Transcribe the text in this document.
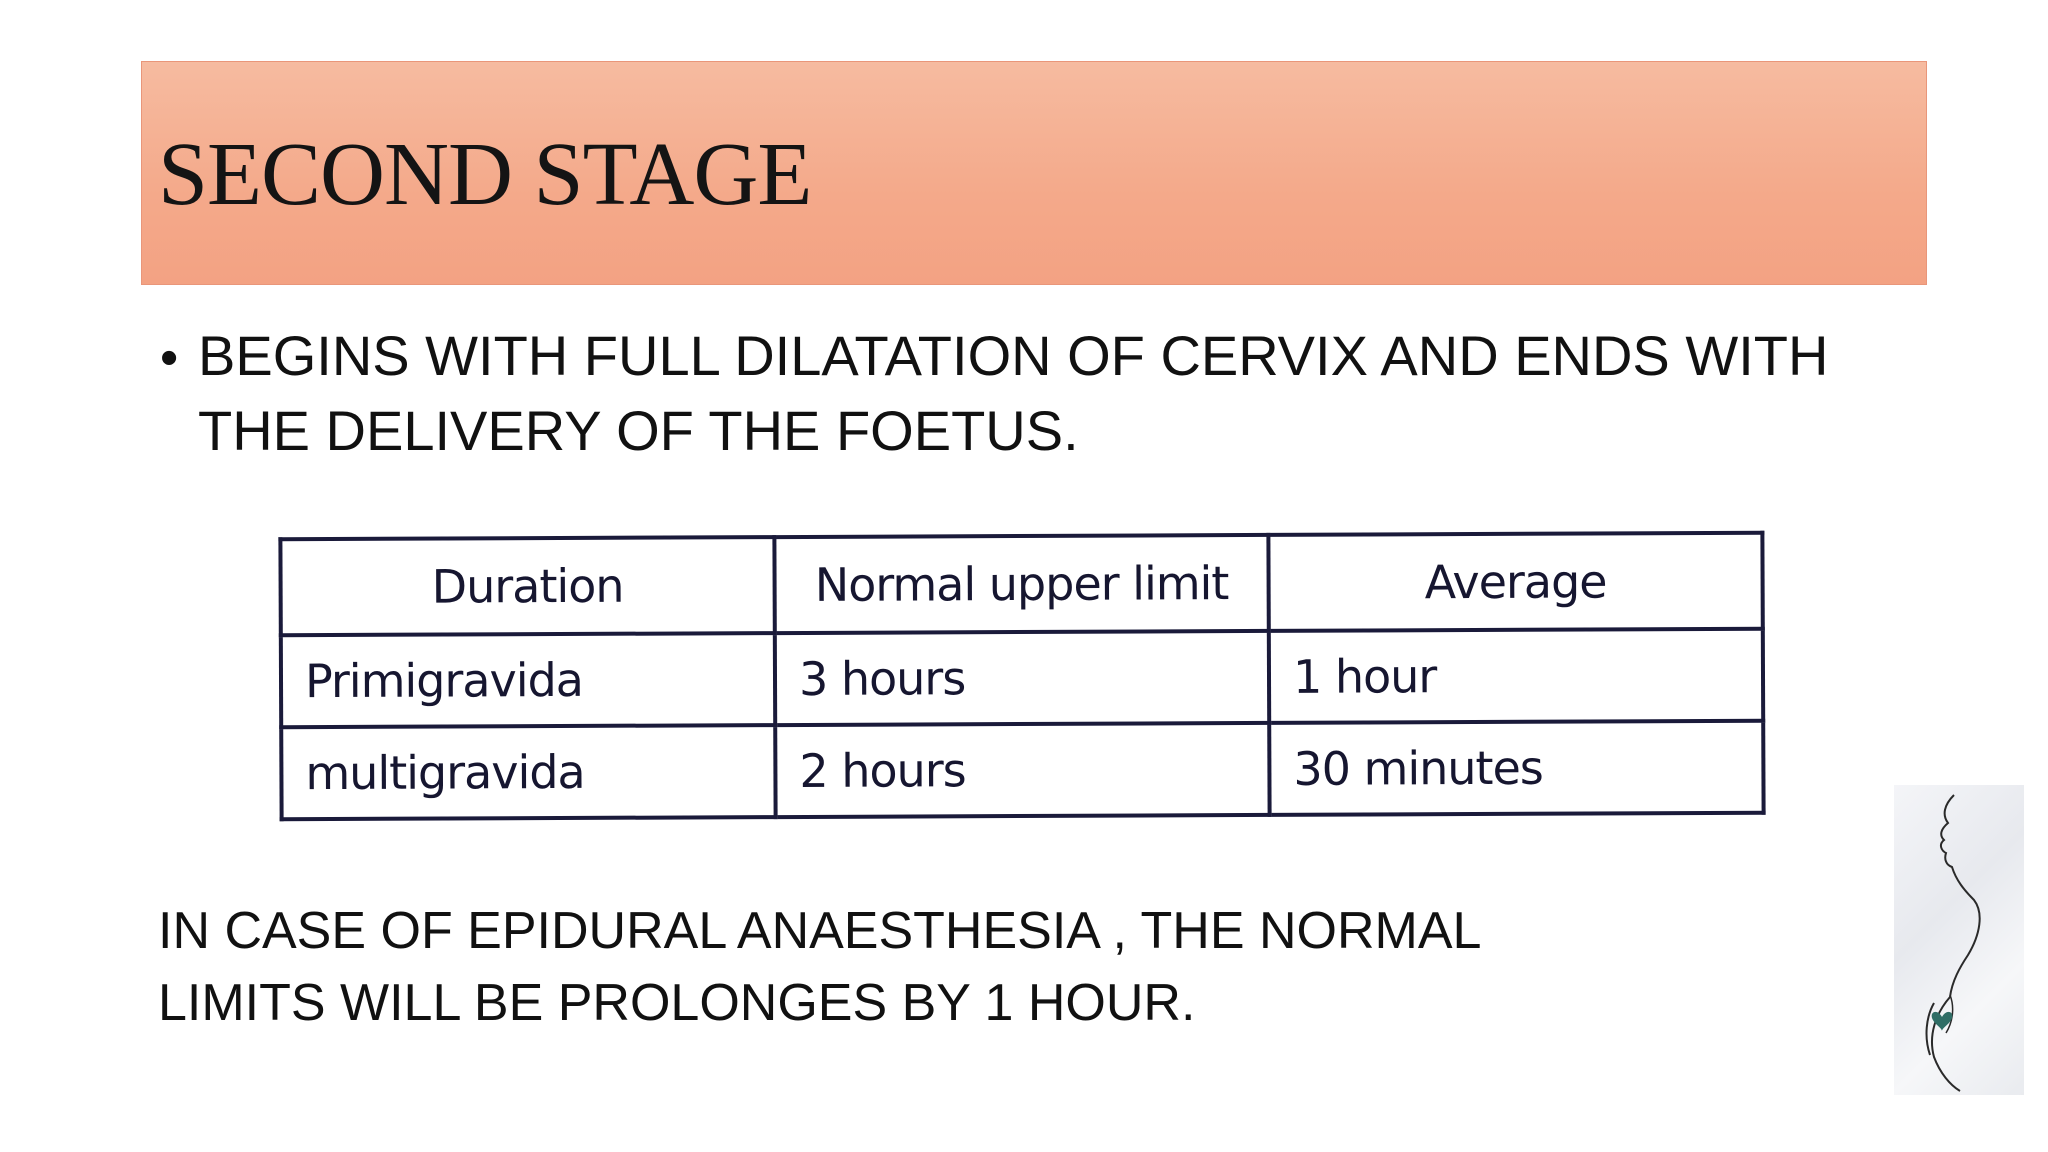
SECOND STAGE
• BEGINS WITH FULL DILATATION OF CERVIX AND ENDS WITH THE DELIVERY OF THE FOETUS.
Duration	Normal upper limit	Average
Primigravida	3 hours	1 hour
multigravida	2 hours	30 minutes
IN CASE OF EPIDURAL ANAESTHESIA , THE NORMAL LIMITS WILL BE PROLONGES BY 1 HOUR.
